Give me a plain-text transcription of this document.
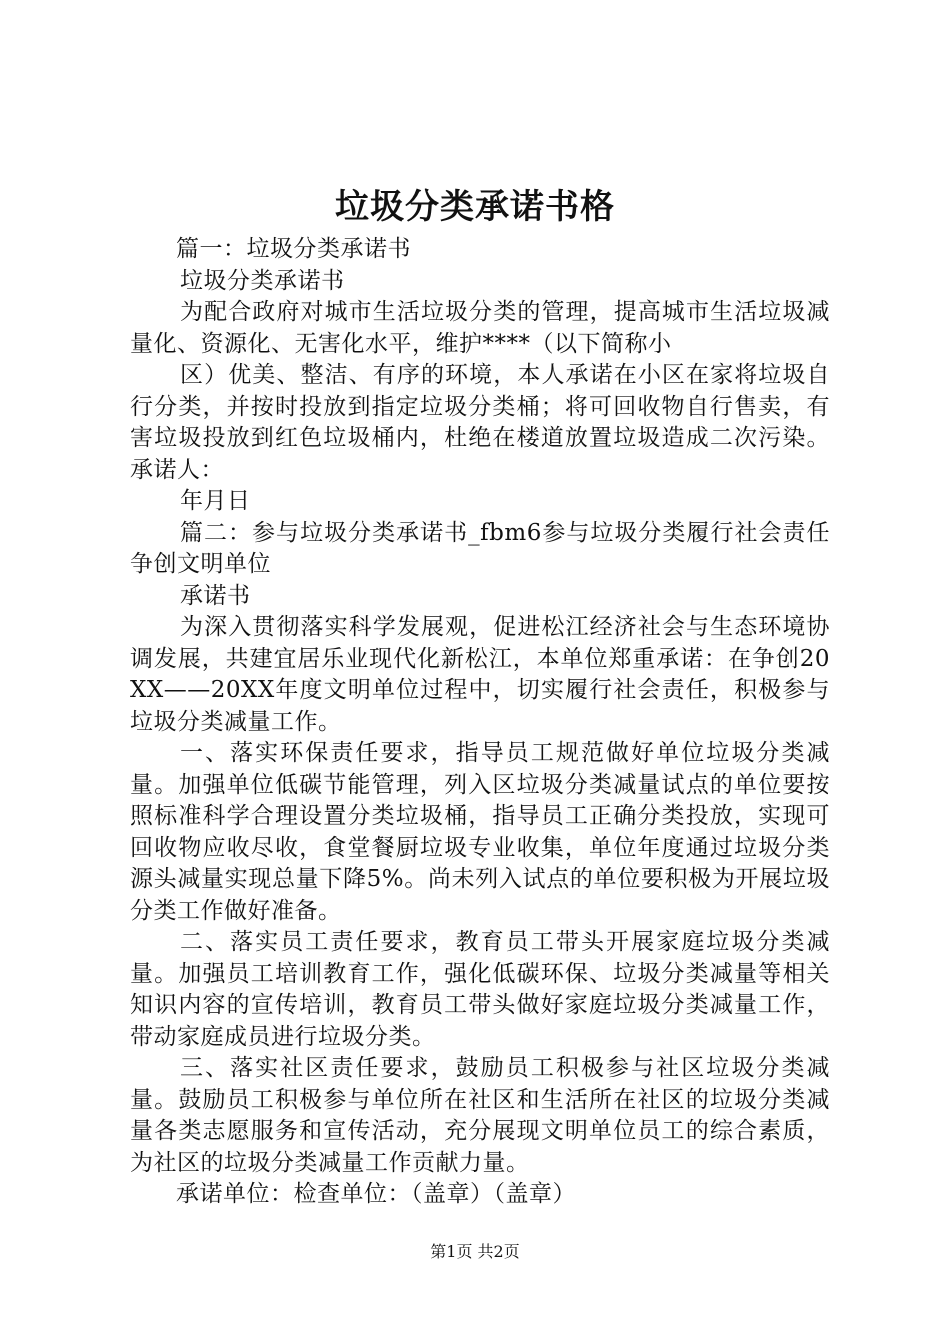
垃圾分类承诺书格

篇一：垃圾分类承诺书

垃圾分类承诺书

为配合政府对城市生活垃圾分类的管理，提高城市生活垃圾减量化、资源化、无害化水平，维护****（以下简称小

区）优美、整洁、有序的环境，本人承诺在小区在家将垃圾自行分类，并按时投放到指定垃圾分类桶；将可回收物自行售卖，有害垃圾投放到红色垃圾桶内，杜绝在楼道放置垃圾造成二次污染。承诺人：

年月日

篇二：参与垃圾分类承诺书_fbm6参与垃圾分类履行社会责任争创文明单位

承诺书

为深入贯彻落实科学发展观，促进松江经济社会与生态环境协调发展，共建宜居乐业现代化新松江，本单位郑重承诺：在争创20XX——20XX年度文明单位过程中，切实履行社会责任，积极参与垃圾分类减量工作。

一、落实环保责任要求，指导员工规范做好单位垃圾分类减量。加强单位低碳节能管理，列入区垃圾分类减量试点的单位要按照标准科学合理设置分类垃圾桶，指导员工正确分类投放，实现可回收物应收尽收，食堂餐厨垃圾专业收集，单位年度通过垃圾分类源头减量实现总量下降5%。尚未列入试点的单位要积极为开展垃圾分类工作做好准备。

二、落实员工责任要求，教育员工带头开展家庭垃圾分类减量。加强员工培训教育工作，强化低碳环保、垃圾分类减量等相关知识内容的宣传培训，教育员工带头做好家庭垃圾分类减量工作，带动家庭成员进行垃圾分类。

三、落实社区责任要求，鼓励员工积极参与社区垃圾分类减量。鼓励员工积极参与单位所在社区和生活所在社区的垃圾分类减量各类志愿服务和宣传活动，充分展现文明单位员工的综合素质，为社区的垃圾分类减量工作贡献力量。

承诺单位：检查单位：（盖章）（盖章）

第1页 共2页
